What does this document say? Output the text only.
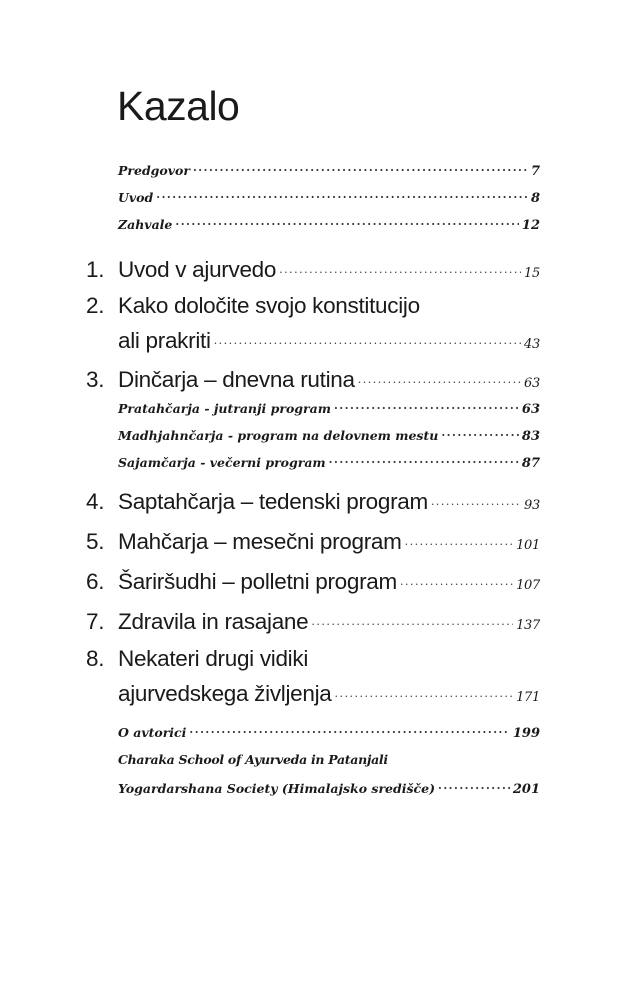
Kazalo
Predgovor .....	7
Uvod .....	8
Zahvale .....	12
1. Uvod v ajurvedo .....	15
2. Kako določite svojo konstitucijo
ali prakriti .....	43
3. Dinčarja – dnevna rutina .....	63
Pratahčarja - jutranji program .....	63
Madhjahnčarja - program na delovnem mestu .....	83
Sajamčarja - večerni program .....	87
4. Saptahčarja – tedenski program .....	93
5. Mahčarja – mesečni program .....	101
6. Šariršudhi – polletni program .....	107
7. Zdravila in rasajane .....	137
8. Nekateri drugi vidiki
ajurvedskega življenja .....	171
O avtorici .....	199
Charaka School of Ayurveda in Patanjali
Yogardarshana Society (Himalajsko središče) .....	201
